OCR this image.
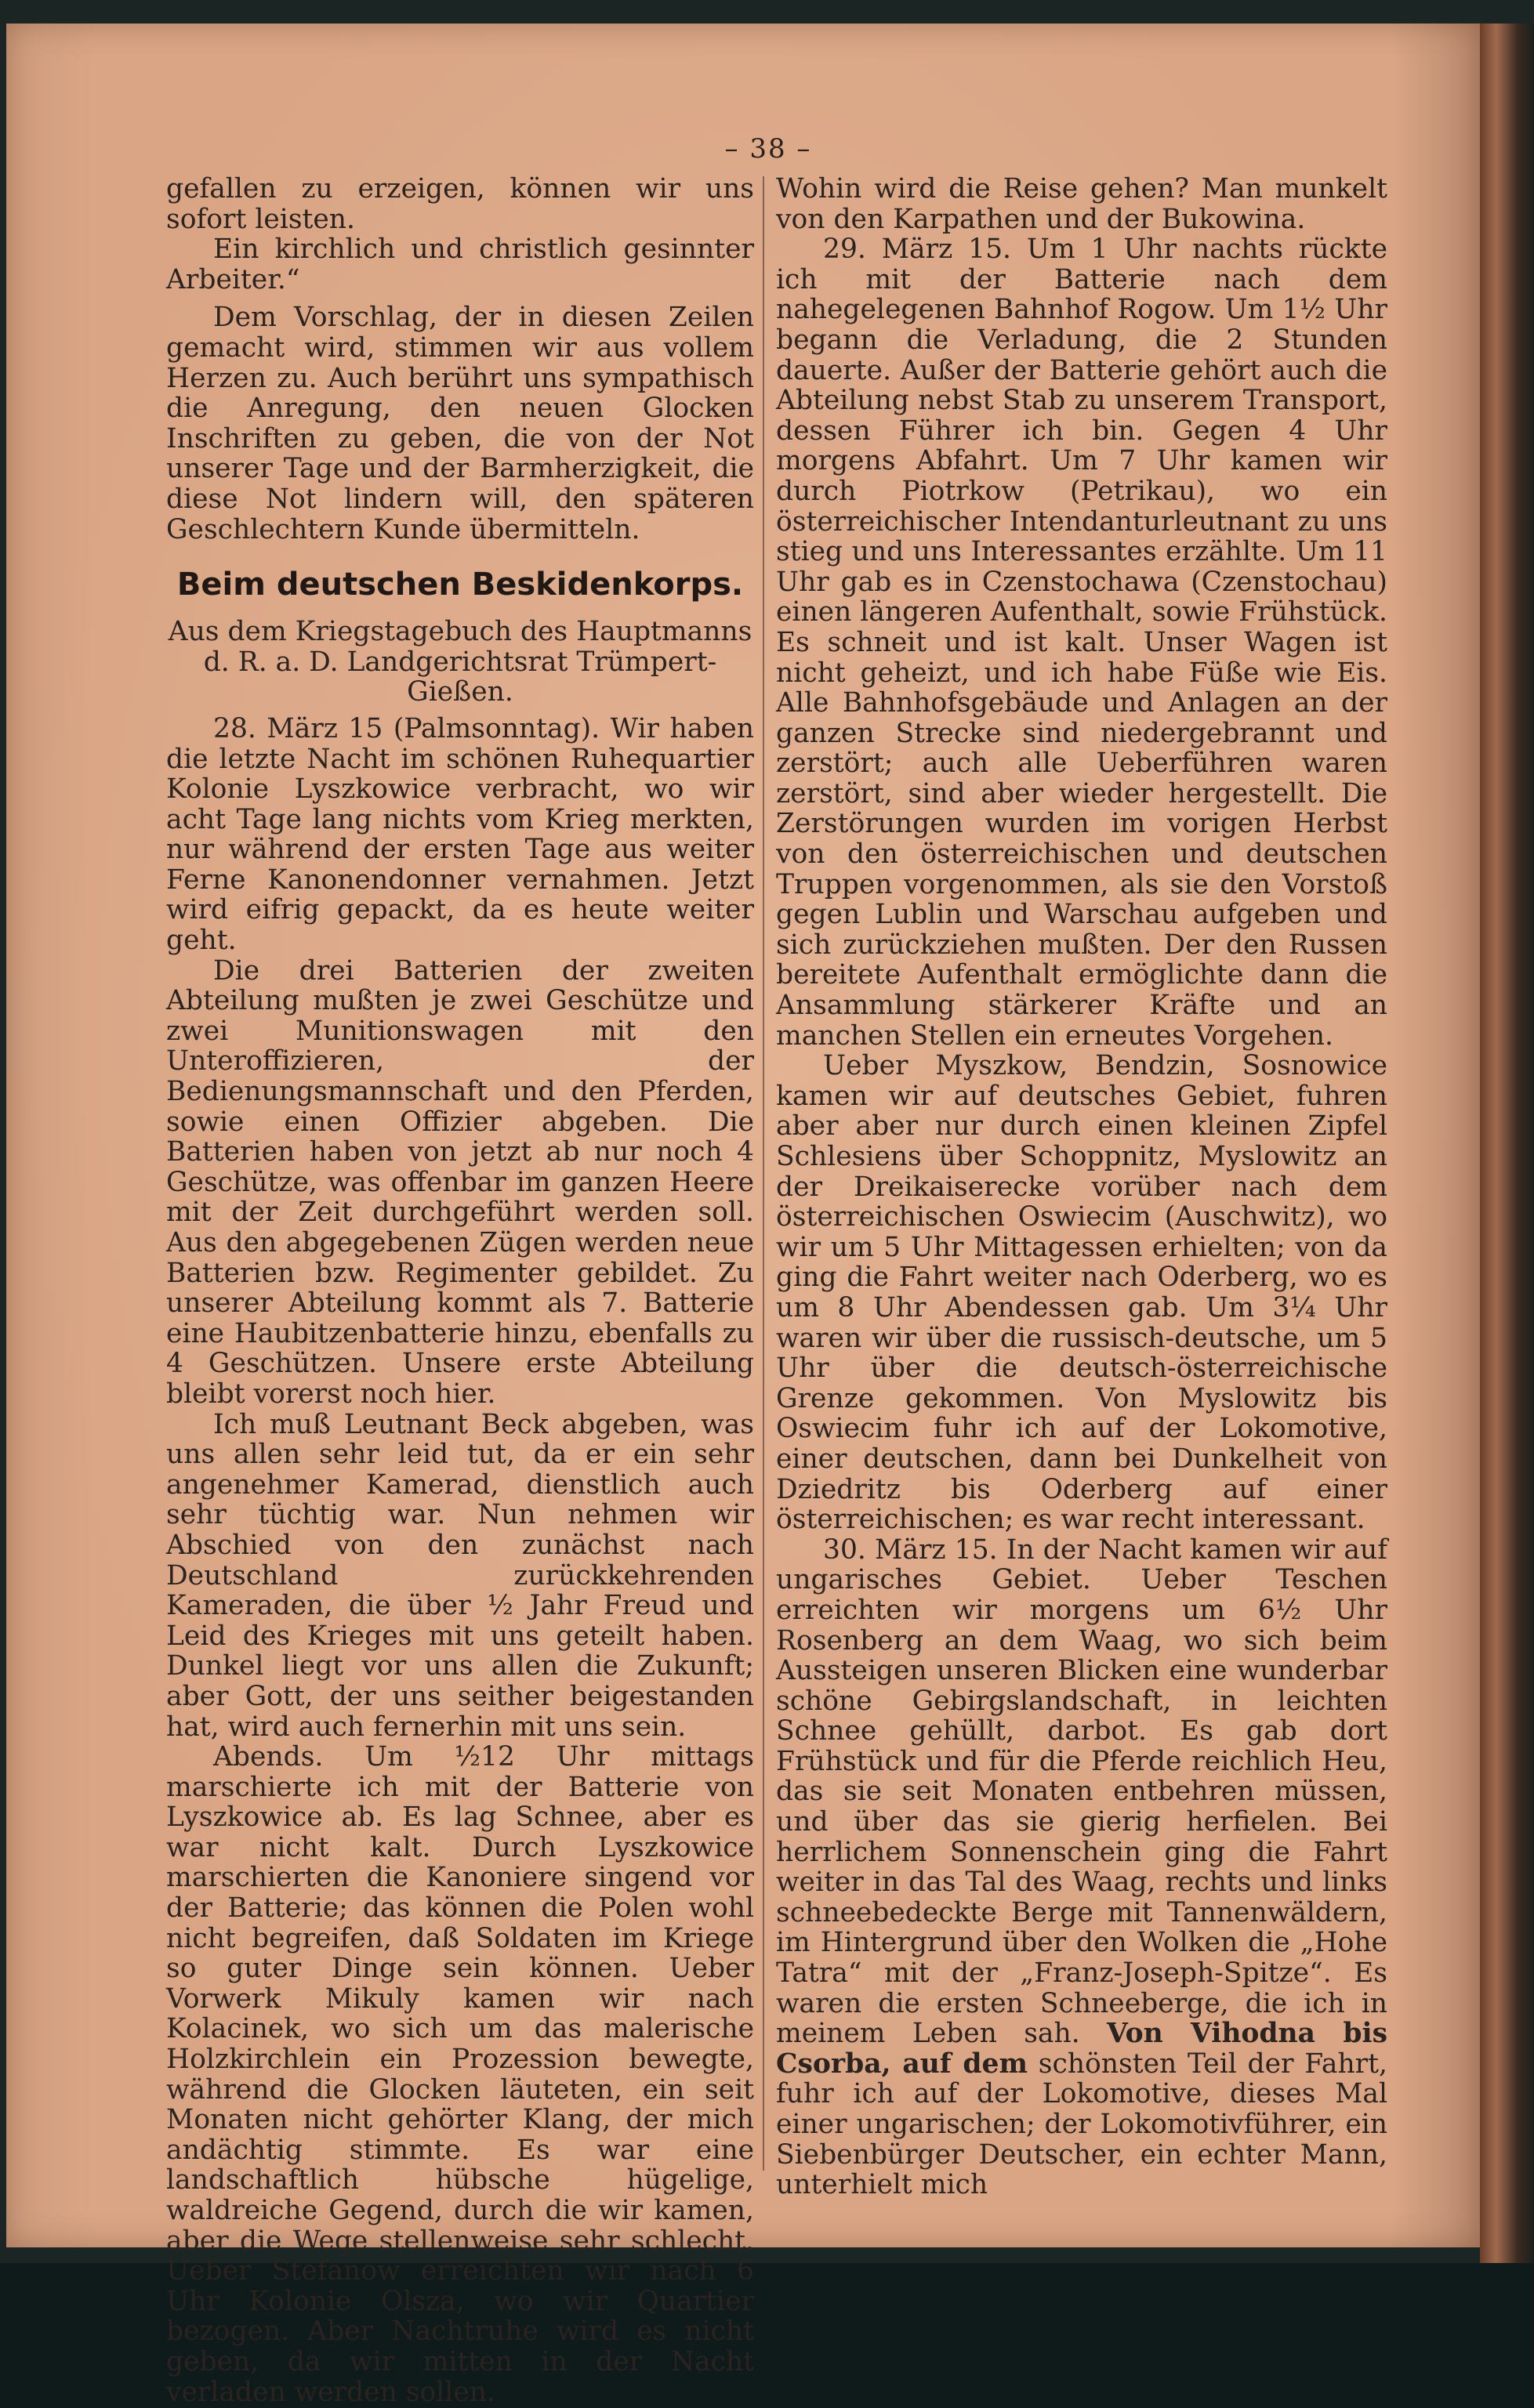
– 38 –

gefallen zu erzeigen, können wir uns sofort leisten.

Ein kirchlich und christlich gesinnter Arbeiter.“

Dem Vorschlag, der in diesen Zeilen gemacht wird, stimmen wir aus vollem Herzen zu. Auch berührt uns sympathisch die Anregung, den neuen Glocken Inschriften zu geben, die von der Not unserer Tage und der Barmherzigkeit, die diese Not lindern will, den späteren Geschlechtern Kunde übermitteln.

Beim deutschen Beskidenkorps.

Aus dem Kriegstagebuch des Hauptmanns d. R. a. D. Landgerichtsrat Trümpert-Gießen.

28. März 15 (Palmsonntag). Wir haben die letzte Nacht im schönen Ruhequartier Kolonie Lyszkowice verbracht, wo wir acht Tage lang nichts vom Krieg merkten, nur während der ersten Tage aus weiter Ferne Kanonendonner vernahmen. Jetzt wird eifrig gepackt, da es heute weiter geht.

Die drei Batterien der zweiten Abteilung mußten je zwei Geschütze und zwei Munitionswagen mit den Unteroffizieren, der Bedienungsmannschaft und den Pferden, sowie einen Offizier abgeben. Die Batterien haben von jetzt ab nur noch 4 Geschütze, was offenbar im ganzen Heere mit der Zeit durchgeführt werden soll. Aus den abgegebenen Zügen werden neue Batterien bzw. Regimenter gebildet. Zu unserer Abteilung kommt als 7. Batterie eine Haubitzenbatterie hinzu, ebenfalls zu 4 Geschützen. Unsere erste Abteilung bleibt vorerst noch hier.

Ich muß Leutnant Beck abgeben, was uns allen sehr leid tut, da er ein sehr angenehmer Kamerad, dienstlich auch sehr tüchtig war. Nun nehmen wir Abschied von den zunächst nach Deutschland zurückkehrenden Kameraden, die über ½ Jahr Freud und Leid des Krieges mit uns geteilt haben. Dunkel liegt vor uns allen die Zukunft; aber Gott, der uns seither beigestanden hat, wird auch fernerhin mit uns sein.

Abends. Um ½12 Uhr mittags marschierte ich mit der Batterie von Lyszkowice ab. Es lag Schnee, aber es war nicht kalt. Durch Lyszkowice marschierten die Kanoniere singend vor der Batterie; das können die Polen wohl nicht begreifen, daß Soldaten im Kriege so guter Dinge sein können. Ueber Vorwerk Mikuly kamen wir nach Kolacinek, wo sich um das malerische Holzkirchlein ein Prozession bewegte, während die Glocken läuteten, ein seit Monaten nicht gehörter Klang, der mich andächtig stimmte. Es war eine landschaftlich hübsche hügelige, waldreiche Gegend, durch die wir kamen, aber die Wege stellenweise sehr schlecht. Ueber Stefanow erreichten wir nach 6 Uhr Kolonie Olsza, wo wir Quartier bezogen. Aber Nachtruhe wird es nicht geben, da wir mitten in der Nacht verladen werden sollen.

Wohin wird die Reise gehen? Man munkelt von den Karpathen und der Bukowina.

29. März 15. Um 1 Uhr nachts rückte ich mit der Batterie nach dem nahegelegenen Bahnhof Rogow. Um 1½ Uhr begann die Verladung, die 2 Stunden dauerte. Außer der Batterie gehört auch die Abteilung nebst Stab zu unserem Transport, dessen Führer ich bin. Gegen 4 Uhr morgens Abfahrt. Um 7 Uhr kamen wir durch Piotrkow (Petrikau), wo ein österreichischer Intendanturleutnant zu uns stieg und uns Interessantes erzählte. Um 11 Uhr gab es in Czenstochawa (Czenstochau) einen längeren Aufenthalt, sowie Frühstück. Es schneit und ist kalt. Unser Wagen ist nicht geheizt, und ich habe Füße wie Eis. Alle Bahnhofsgebäude und Anlagen an der ganzen Strecke sind niedergebrannt und zerstört; auch alle Ueberführen waren zerstört, sind aber wieder hergestellt. Die Zerstörungen wurden im vorigen Herbst von den österreichischen und deutschen Truppen vorgenommen, als sie den Vorstoß gegen Lublin und Warschau aufgeben und sich zurückziehen mußten. Der den Russen bereitete Aufenthalt ermöglichte dann die Ansammlung stärkerer Kräfte und an manchen Stellen ein erneutes Vorgehen.

Ueber Myszkow, Bendzin, Sosnowice kamen wir auf deutsches Gebiet, fuhren aber aber nur durch einen kleinen Zipfel Schlesiens über Schoppnitz, Myslowitz an der Dreikaiserecke vorüber nach dem österreichischen Oswiecim (Auschwitz), wo wir um 5 Uhr Mittagessen erhielten; von da ging die Fahrt weiter nach Oderberg, wo es um 8 Uhr Abendessen gab. Um 3¼ Uhr waren wir über die russisch-deutsche, um 5 Uhr über die deutsch-österreichische Grenze gekommen. Von Myslowitz bis Oswiecim fuhr ich auf der Lokomotive, einer deutschen, dann bei Dunkelheit von Dziedritz bis Oderberg auf einer österreichischen; es war recht interessant.

30. März 15. In der Nacht kamen wir auf ungarisches Gebiet. Ueber Teschen erreichten wir morgens um 6½ Uhr Rosenberg an dem Waag, wo sich beim Aussteigen unseren Blicken eine wunderbar schöne Gebirgslandschaft, in leichten Schnee gehüllt, darbot. Es gab dort Frühstück und für die Pferde reichlich Heu, das sie seit Monaten entbehren müssen, und über das sie gierig herfielen. Bei herrlichem Sonnenschein ging die Fahrt weiter in das Tal des Waag, rechts und links schneebedeckte Berge mit Tannenwäldern, im Hintergrund über den Wolken die „Hohe Tatra“ mit der „Franz-Joseph-Spitze“. Es waren die ersten Schneeberge, die ich in meinem Leben sah. Von Vihodna bis Csorba, auf dem schönsten Teil der Fahrt, fuhr ich auf der Lokomotive, dieses Mal einer ungarischen; der Lokomotivführer, ein Siebenbürger Deutscher, ein echter Mann, unterhielt mich
